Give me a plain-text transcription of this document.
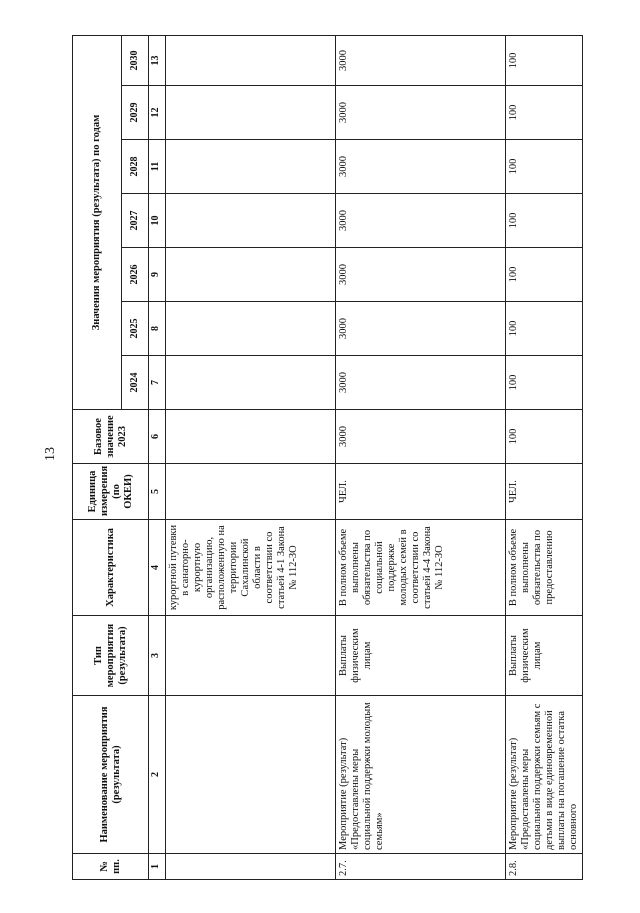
13
№ пп.	Наименование мероприятия (результата)	Тип мероприятия (результата)	Характеристика	Единица измерения (по ОКЕИ)	Базовое значение 2023	Значения мероприятия (результата) по годам						
						2024	2025	2026	2027	2028	2029	2030
1	2	3	4	5	6	7	8	9	10	11	12	13
			курортной путевки в санаторно-курортную организацию, расположенную на территории Сахалинской области в соответствии со статьей 4-1 Закона № 112-ЗО									
2.7.	Мероприятие (результат) «Предоставлены меры социальной поддержки молодым семьям»	Выплаты физическим лицам	В полном объеме выполнены обязательства по социальной поддержке молодых семей в соответствии со статьей 4-4 Закона № 112-ЗО	ЧЕЛ.	3000	3000	3000	3000	3000	3000	3000	3000
2.8.	Мероприятие (результат) «Предоставлены меры социальной поддержки семьям с детьми в виде единовременной выплаты на погашение остатка основного	Выплаты физическим лицам	В полном объеме выполнены обязательства по предоставлению	ЧЕЛ.	100	100	100	100	100	100	100	100
